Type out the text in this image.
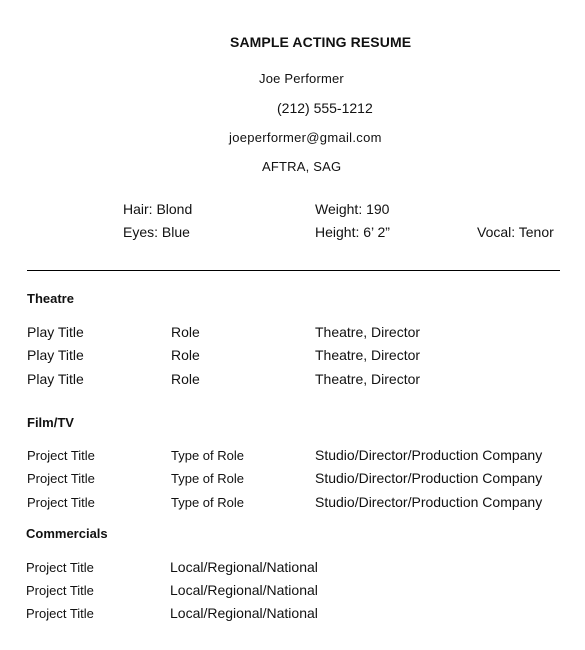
SAMPLE ACTING RESUME
Joe Performer
(212) 555-1212
joeperformer@gmail.com
AFTRA, SAG
Hair: Blond	Weight: 190
Eyes: Blue	Height: 6’ 2”	Vocal: Tenor
Theatre
Play Title	Role	Theatre, Director
Play Title	Role	Theatre, Director
Play Title	Role	Theatre, Director
Film/TV
Project Title	Type of Role	Studio/Director/Production Company
Project Title	Type of Role	Studio/Director/Production Company
Project Title	Type of Role	Studio/Director/Production Company
Commercials
Project Title	Local/Regional/National
Project Title	Local/Regional/National
Project Title	Local/Regional/National
